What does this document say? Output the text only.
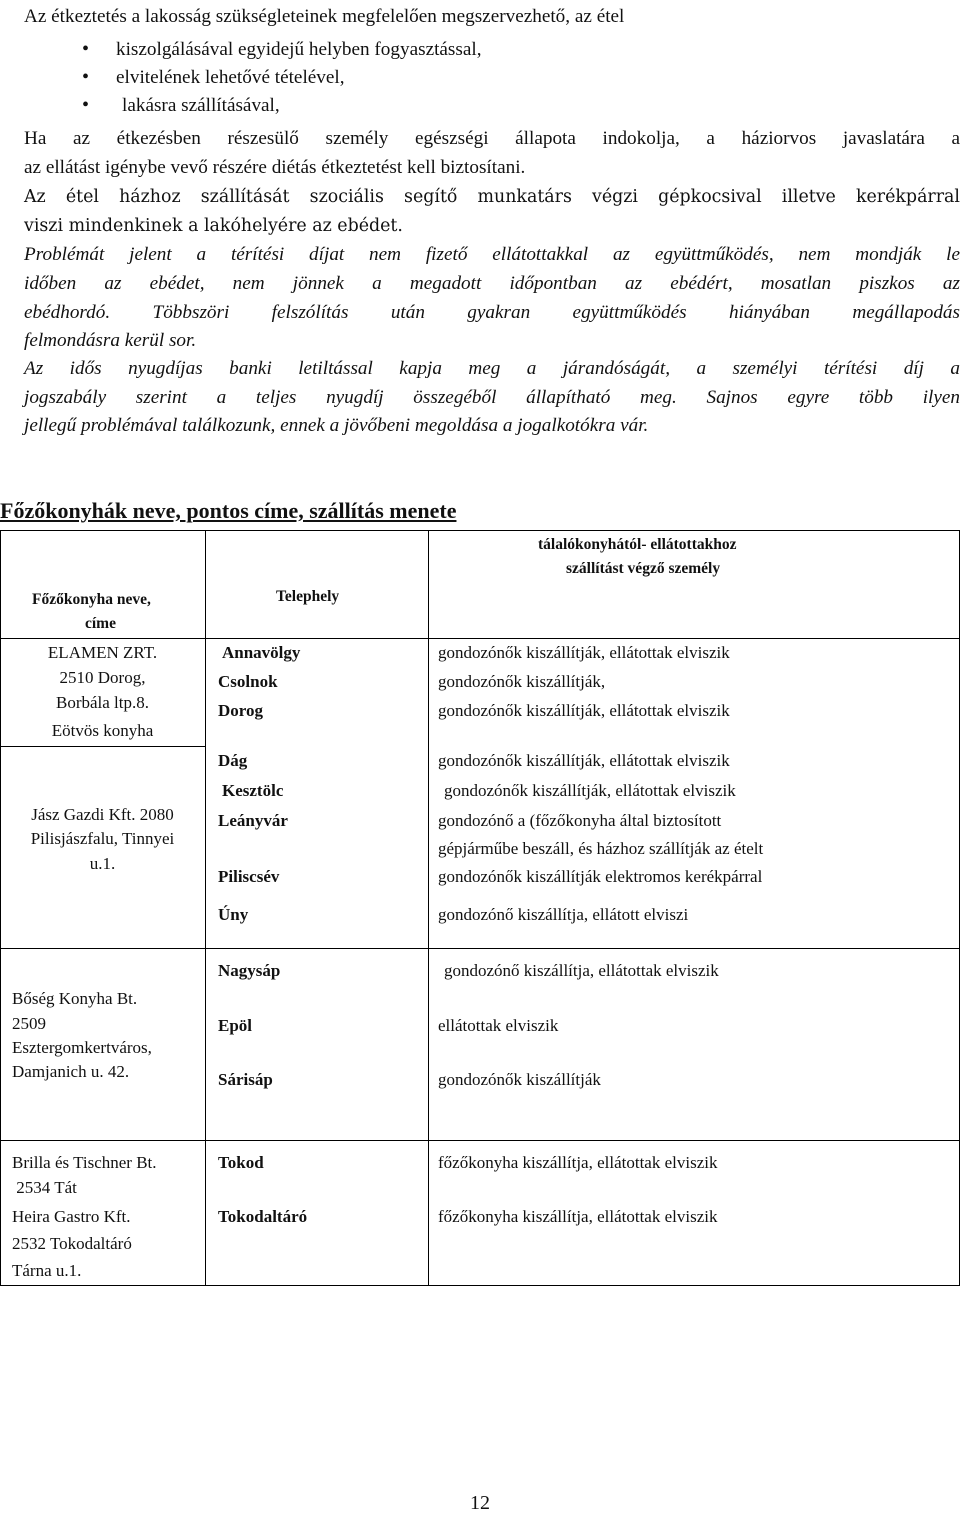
Az étkeztetés a lakosság szükségleteinek megfelelően megszervezhető, az étel
• kiszolgálásával egyidejű helyben fogyasztással,
• elvitelének lehetővé tételével,
• lakásra szállításával,
Ha az étkezésben részesülő személy egészségi állapota indokolja, a háziorvos javaslatára a
az ellátást igénybe vevő részére diétás étkeztetést kell biztosítani.
Az étel házhoz szállítását szociális segítő munkatárs végzi gépkocsival illetve kerékpárral
viszi mindenkinek a lakóhelyére az ebédet.
Problémát jelent a térítési díjat nem fizető ellátottakkal az együttműködés, nem mondják le
időben az ebédet, nem jönnek a megadott időpontban az ebédért, mosatlan piszkos az
ebédhordó. Többszöri felszólítás után gyakran együttműködés hiányában megállapodás
felmondásra kerül sor.
Az idős nyugdíjas banki letiltással kapja meg a járandóságát, a személyi térítési díj a
jogszabály szerint a teljes nyugdíj összegéből állapítható meg. Sajnos egyre több ilyen
jellegű problémával találkozunk, ennek a jövőbeni megoldása a jogalkotókra vár.
Főzőkonyhák neve, pontos címe, szállítás menete
Főzőkonyha neve,
címe
Telephely
tálalókonyhától- ellátottakhoz
szállítást végző személy
ELAMEN ZRT.
2510 Dorog,
Borbála ltp.8.
Eötvös konyha
Jász Gazdi Kft. 2080
Pilisjászfalu, Tinnyei
u.1.
Bőség Konyha Bt.
2509
Esztergomkertváros,
Damjanich u. 42.
Brilla és Tischner Bt.
2534 Tát
Heira Gastro Kft.
2532 Tokodaltáró
Tárna u.1.
Annavölgy
Csolnok
Dorog
Dág
Kesztölc
Leányvár
Piliscsév
Úny
Nagysáp
Epöl
Sárisáp
Tokod
Tokodaltáró
gondozónők kiszállítják, ellátottak elviszik
gondozónők kiszállítják,
gondozónők kiszállítják, ellátottak elviszik
gondozónők kiszállítják, ellátottak elviszik
gondozónők kiszállítják, ellátottak elviszik
gondozónő a (főzőkonyha által biztosított
gépjárműbe beszáll, és házhoz szállítják az ételt
gondozónők kiszállítják elektromos kerékpárral
gondozónő kiszállítja, ellátott elviszi
gondozónő kiszállítja, ellátottak elviszik
ellátottak elviszik
gondozónők kiszállítják
főzőkonyha kiszállítja, ellátottak elviszik
főzőkonyha kiszállítja, ellátottak elviszik
12
